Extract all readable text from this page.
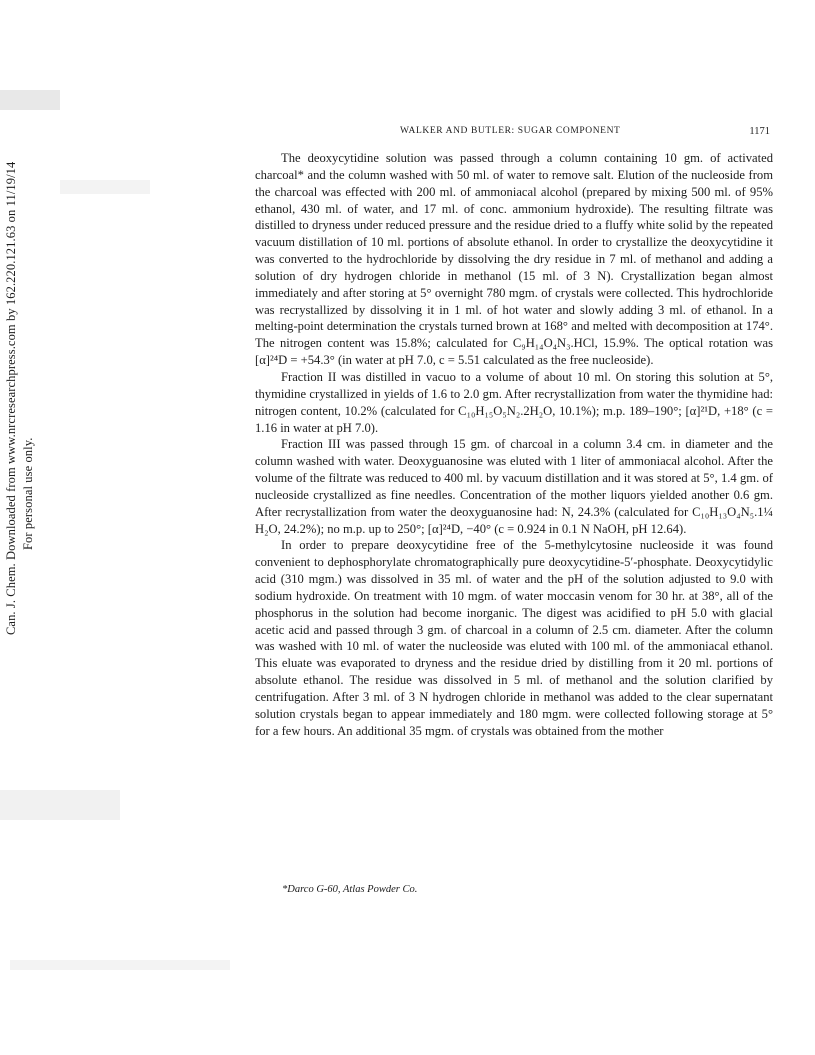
Can. J. Chem. Downloaded from www.nrcresearchpress.com by 162.220.121.63 on 11/19/14 For personal use only.
WALKER AND BUTLER: SUGAR COMPONENT	1171

The deoxycytidine solution was passed through a column containing 10 gm. of activated charcoal* and the column washed with 50 ml. of water to remove salt. Elution of the nucleoside from the charcoal was effected with 200 ml. of ammoniacal alcohol (prepared by mixing 500 ml. of 95% ethanol, 430 ml. of water, and 17 ml. of conc. ammonium hydroxide). The resulting filtrate was distilled to dryness under reduced pressure and the residue dried to a fluffy white solid by the repeated vacuum distillation of 10 ml. portions of absolute ethanol. In order to crystallize the deoxycytidine it was converted to the hydrochloride by dissolving the dry residue in 7 ml. of methanol and adding a solution of dry hydrogen chloride in methanol (15 ml. of 3 N). Crystallization began almost immediately and after storing at 5° overnight 780 mgm. of crystals were collected. This hydrochloride was recrystallized by dissolving it in 1 ml. of hot water and slowly adding 3 ml. of ethanol. In a melting-point determination the crystals turned brown at 168° and melted with decomposition at 174°. The nitrogen content was 15.8%; calculated for C₉H₁₄O₄N₃.HCl, 15.9%. The optical rotation was [α]²⁴D = +54.3° (in water at pH 7.0, c = 5.51 calculated as the free nucleoside).

Fraction II was distilled in vacuo to a volume of about 10 ml. On storing this solution at 5°, thymidine crystallized in yields of 1.6 to 2.0 gm. After recrystallization from water the thymidine had: nitrogen content, 10.2% (calculated for C₁₀H₁₅O₅N₂.2H₂O, 10.1%); m.p. 189–190°; [α]²¹D, +18° (c = 1.16 in water at pH 7.0).

Fraction III was passed through 15 gm. of charcoal in a column 3.4 cm. in diameter and the column washed with water. Deoxyguanosine was eluted with 1 liter of ammoniacal alcohol. After the volume of the filtrate was reduced to 400 ml. by vacuum distillation and it was stored at 5°, 1.4 gm. of nucleoside crystallized as fine needles. Concentration of the mother liquors yielded another 0.6 gm. After recrystallization from water the deoxyguanosine had: N, 24.3% (calculated for C₁₀H₁₃O₄N₅.1¼ H₂O, 24.2%); no m.p. up to 250°; [α]²⁴D, −40° (c = 0.924 in 0.1 N NaOH, pH 12.64).

In order to prepare deoxycytidine free of the 5-methylcytosine nucleoside it was found convenient to dephosphorylate chromatographically pure deoxycytidine-5′-phosphate. Deoxycytidylic acid (310 mgm.) was dissolved in 35 ml. of water and the pH of the solution adjusted to 9.0 with sodium hydroxide. On treatment with 10 mgm. of water moccasin venom for 30 hr. at 38°, all of the phosphorus in the solution had become inorganic. The digest was acidified to pH 5.0 with glacial acetic acid and passed through 3 gm. of charcoal in a column of 2.5 cm. diameter. After the column was washed with 10 ml. of water the nucleoside was eluted with 100 ml. of the ammoniacal ethanol. This eluate was evaporated to dryness and the residue dried by distilling from it 20 ml. portions of absolute ethanol. The residue was dissolved in 5 ml. of methanol and the solution clarified by centrifugation. After 3 ml. of 3 N hydrogen chloride in methanol was added to the clear supernatant solution crystals began to appear immediately and 180 mgm. were collected following storage at 5° for a few hours. An additional 35 mgm. of crystals was obtained from the mother

*Darco G-60, Atlas Powder Co.
